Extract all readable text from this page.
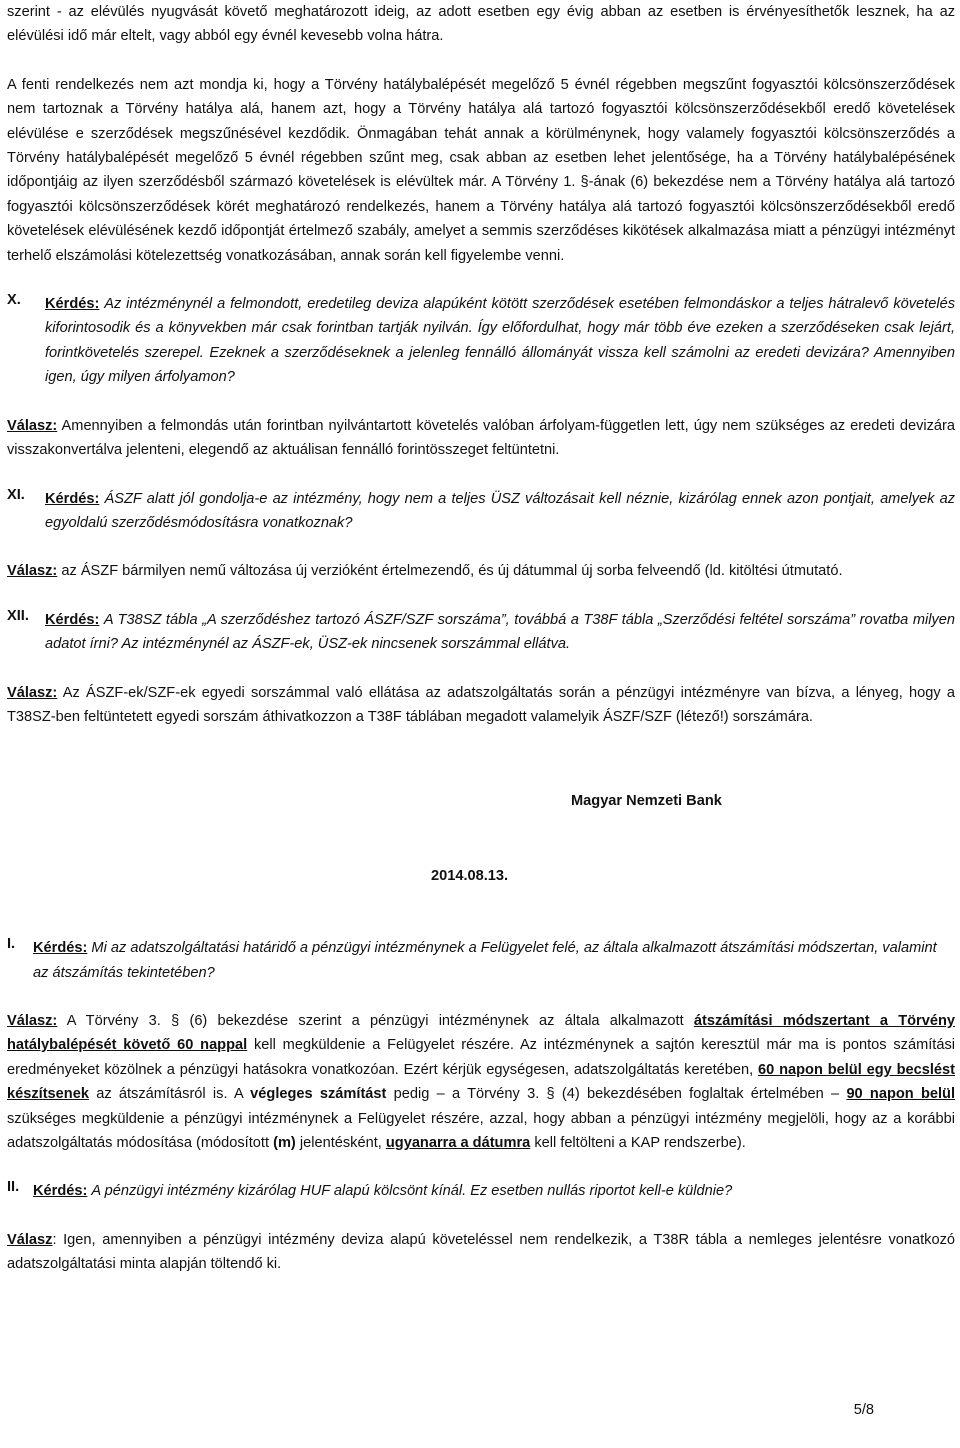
szerint - az elévülés nyugvását követő meghatározott ideig, az adott esetben egy évig abban az esetben is érvényesíthetők lesznek, ha az elévülési idő már eltelt, vagy abból egy évnél kevesebb volna hátra.

A fenti rendelkezés nem azt mondja ki, hogy a Törvény hatálybalépését megelőző 5 évnél régebben megszűnt fogyasztói kölcsönszerződések nem tartoznak a Törvény hatálya alá, hanem azt, hogy a Törvény hatálya alá tartozó fogyasztói kölcsönszerződésekből eredő követelések elévülése e szerződések megszűnésével kezdődik. Önmagában tehát annak a körülménynek, hogy valamely fogyasztói kölcsönszerződés a Törvény hatálybalépését megelőző 5 évnél régebben szűnt meg, csak abban az esetben lehet jelentősége, ha a Törvény hatálybalépésének időpontjáig az ilyen szerződésből származó követelések is elévültek már. A Törvény 1. §-ának (6) bekezdése nem a Törvény hatálya alá tartozó fogyasztói kölcsönszerződések körét meghatározó rendelkezés, hanem a Törvény hatálya alá tartozó fogyasztói kölcsönszerződésekből eredő követelések elévülésének kezdő időpontját értelmező szabály, amelyet a semmis szerződéses kikötések alkalmazása miatt a pénzügyi intézményt terhelő elszámolási kötelezettség vonatkozásában, annak során kell figyelembe venni.

X.	Kérdés: Az intézménynél a felmondott, eredetileg deviza alapúként kötött szerződések esetében felmondáskor a teljes hátralevő követelés kiforintosodik és a könyvekben már csak forintban tartják nyilván. Így előfordulhat, hogy már több éve ezeken a szerződéseken csak lejárt, forintkövetelés szerepel. Ezeknek a szerződéseknek a jelenleg fennálló állományát vissza kell számolni az eredeti devizára? Amennyiben igen, úgy milyen árfolyamon?

Válasz: Amennyiben a felmondás után forintban nyilvántartott követelés valóban árfolyam-független lett, úgy nem szükséges az eredeti devizára visszakonvertálva jelenteni, elegendő az aktuálisan fennálló forintösszeget feltüntetni.

XI.	Kérdés: ÁSZF alatt jól gondolja-e az intézmény, hogy nem a teljes ÜSZ változásait kell néznie, kizárólag ennek azon pontjait, amelyek az egyoldalú szerződésmódosításra vonatkoznak?

Válasz: az ÁSZF bármilyen nemű változása új verzióként értelmezendő, és új dátummal új sorba felveendő (ld. kitöltési útmutató.

XII.	Kérdés: A T38SZ tábla „A szerződéshez tartozó ÁSZF/SZF sorszáma”, továbbá a T38F tábla „Szerződési feltétel sorszáma” rovatba milyen adatot írni? Az intézménynél az ÁSZF-ek, ÜSZ-ek nincsenek sorszámmal ellátva.

Válasz: Az ÁSZF-ek/SZF-ek egyedi sorszámmal való ellátása az adatszolgáltatás során a pénzügyi intézményre van bízva, a lényeg, hogy a T38SZ-ben feltüntetett egyedi sorszám áthivatkozzon a T38F táblában megadott valamelyik ÁSZF/SZF (létező!) sorszámára.

Magyar Nemzeti Bank

2014.08.13.

I.	Kérdés: Mi az adatszolgáltatási határidő a pénzügyi intézménynek a Felügyelet felé, az általa alkalmazott átszámítási módszertan, valamint az átszámítás tekintetében?

Válasz: A Törvény 3. § (6) bekezdése szerint a pénzügyi intézménynek az általa alkalmazott átszámítási módszertant a Törvény hatálybalépését követő 60 nappal kell megküldenie a Felügyelet részére. Az intézménynek a sajtón keresztül már ma is pontos számítási eredményeket közölnek a pénzügyi hatásokra vonatkozóan. Ezért kérjük egységesen, adatszolgáltatás keretében, 60 napon belül egy becslést készítsenek az átszámításról is. A végleges számítást pedig – a Törvény 3. § (4) bekezdésében foglaltak értelmében – 90 napon belül szükséges megküldenie a pénzügyi intézménynek a Felügyelet részére, azzal, hogy abban a pénzügyi intézmény megjelöli, hogy az a korábbi adatszolgáltatás módosítása (módosított (m) jelentésként, ugyanarra a dátumra kell feltölteni a KAP rendszerbe).

II. Kérdés: A pénzügyi intézmény kizárólag HUF alapú kölcsönt kínál. Ez esetben nullás riportot kell-e küldnie?

Válasz: Igen, amennyiben a pénzügyi intézmény deviza alapú követeléssel nem rendelkezik, a T38R tábla a nemleges jelentésre vonatkozó adatszolgáltatási minta alapján töltendő ki.

5/8
